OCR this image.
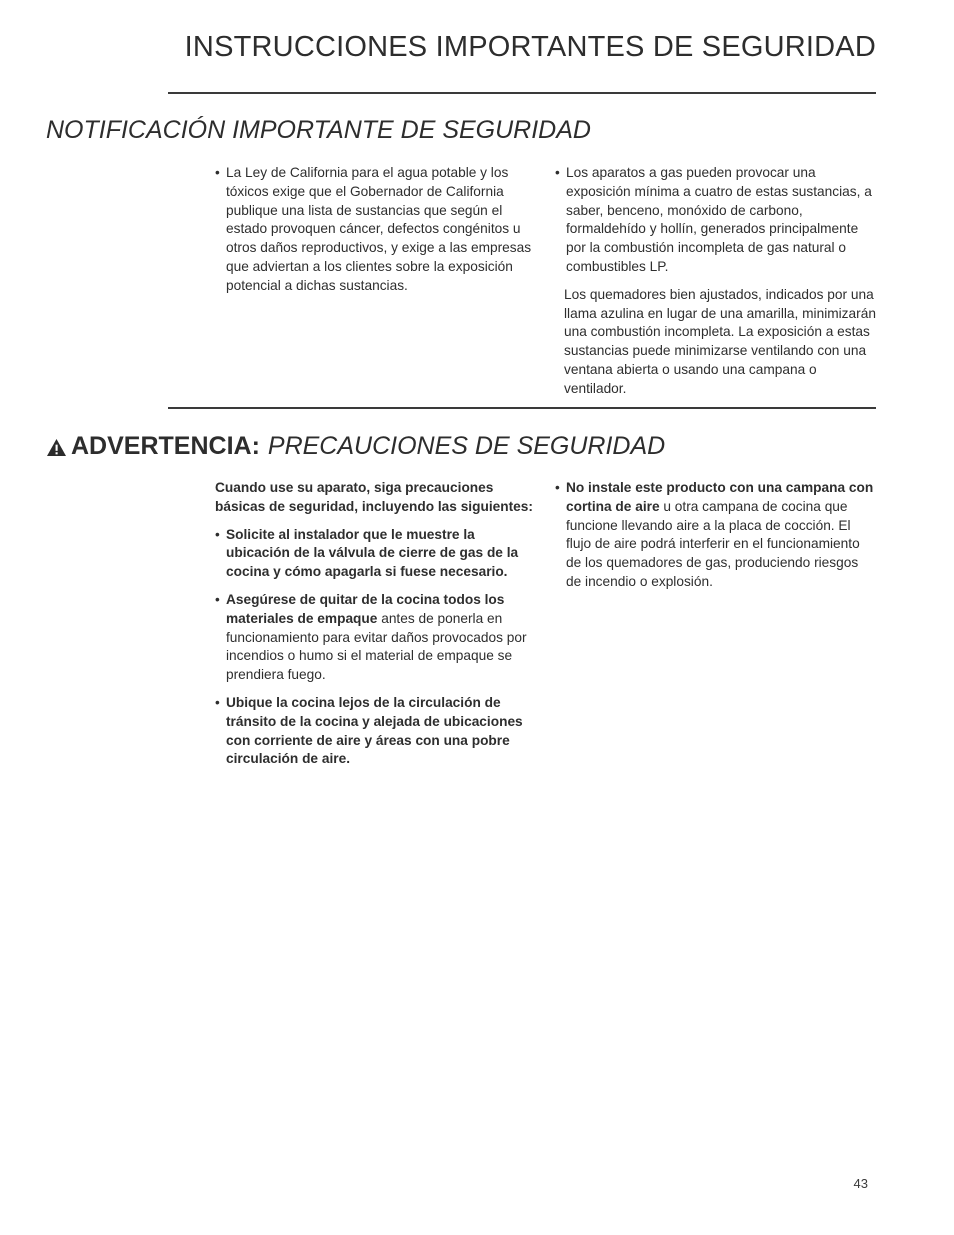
INSTRUCCIONES IMPORTANTES DE SEGURIDAD
NOTIFICACIÓN IMPORTANTE DE SEGURIDAD
• La Ley de California para el agua potable y los tóxicos exige que el Gobernador de California publique una lista de sustancias que según el estado provoquen cáncer, defectos congénitos u otros daños reproductivos, y exige a las empresas que adviertan a los clientes sobre la exposición potencial a dichas sustancias.
• Los aparatos a gas pueden provocar una exposición mínima a cuatro de estas sustancias, a saber, benceno, monóxido de carbono, formaldehído y hollín, generados principalmente por la combustión incompleta de gas natural o combustibles LP.

Los quemadores bien ajustados, indicados por una llama azulina en lugar de una amarilla, minimizarán una combustión incompleta. La exposición a estas sustancias puede minimizarse ventilando con una ventana abierta o usando una campana o ventilador.

ADVERTENCIA: PRECAUCIONES DE SEGURIDAD

Cuando use su aparato, siga precauciones básicas de seguridad, incluyendo las siguientes:

• Solicite al instalador que le muestre la ubicación de la válvula de cierre de gas de la cocina y cómo apagarla si fuese necesario.
• Asegúrese de quitar de la cocina todos los materiales de empaque antes de ponerla en funcionamiento para evitar daños provocados por incendios o humo si el material de empaque se prendiera fuego.
• Ubique la cocina lejos de la circulación de tránsito de la cocina y alejada de ubicaciones con corriente de aire y áreas con una pobre circulación de aire.
• No instale este producto con una campana con cortina de aire u otra campana de cocina que funcione llevando aire a la placa de cocción. El flujo de aire podrá interferir en el funcionamiento de los quemadores de gas, produciendo riesgos de incendio o explosión.
43
